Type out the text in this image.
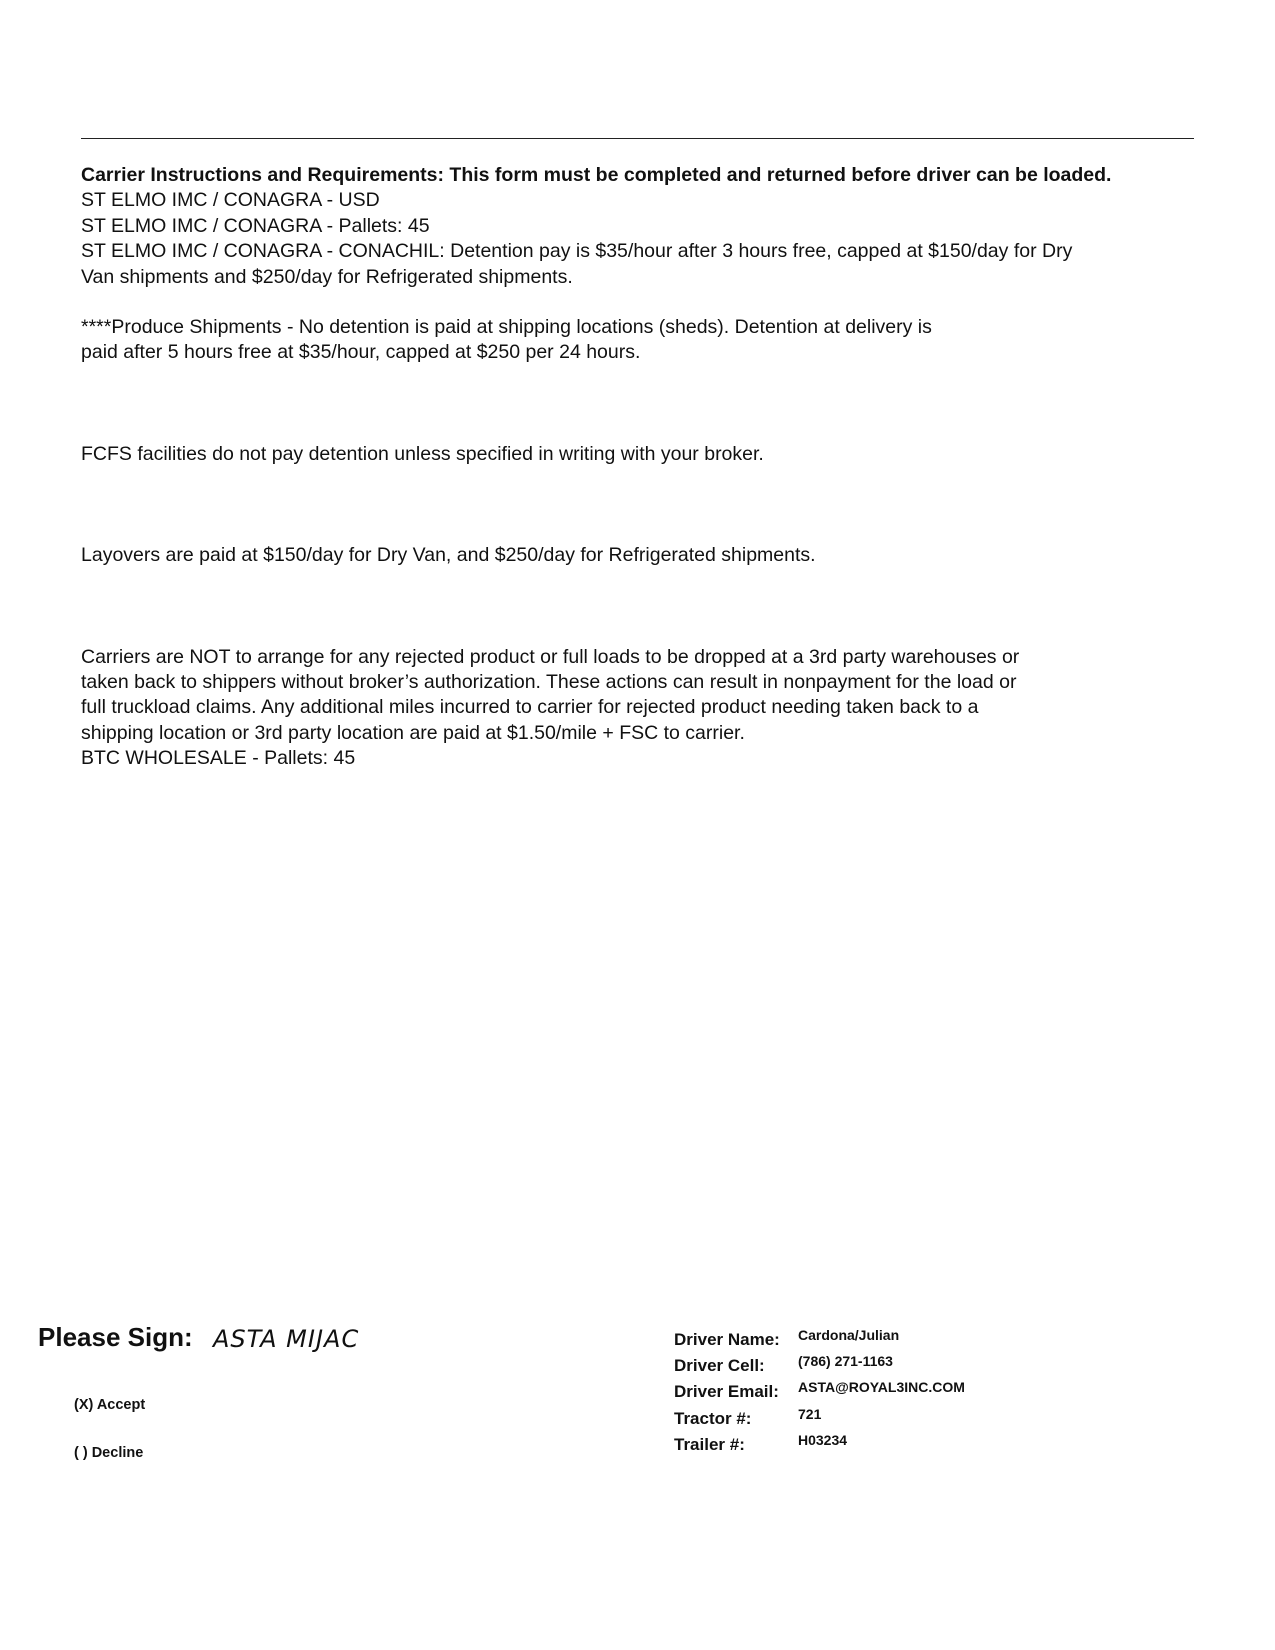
Carrier Instructions and Requirements: This form must be completed and returned before driver can be loaded.

ST ELMO IMC / CONAGRA - USD

ST ELMO IMC / CONAGRA - Pallets: 45

ST ELMO IMC / CONAGRA - CONACHIL: Detention pay is $35/hour after 3 hours free, capped at $150/day for Dry

Van shipments and $250/day for Refrigerated shipments.

****Produce Shipments - No detention is paid at shipping locations (sheds). Detention at delivery is

paid after 5 hours free at $35/hour, capped at $250 per 24 hours.

FCFS facilities do not pay detention unless specified in writing with your broker.

Layovers are paid at $150/day for Dry Van, and $250/day for Refrigerated shipments.

Carriers are NOT to arrange for any rejected product or full loads to be dropped at a 3rd party warehouses or

taken back to shippers without broker’s authorization. These actions can result in nonpayment for the load or

full truckload claims. Any additional miles incurred to carrier for rejected product needing taken back to a

shipping location or 3rd party location are paid at $1.50/mile + FSC to carrier.

BTC WHOLESALE - Pallets: 45

Please Sign: ASTA MIJAC
(X) Accept
( ) Decline
Driver Name: Cardona/Julian
Driver Cell: (786) 271-1163
Driver Email: ASTA@ROYAL3INC.COM
Tractor #:	721
Trailer #:	H03234
